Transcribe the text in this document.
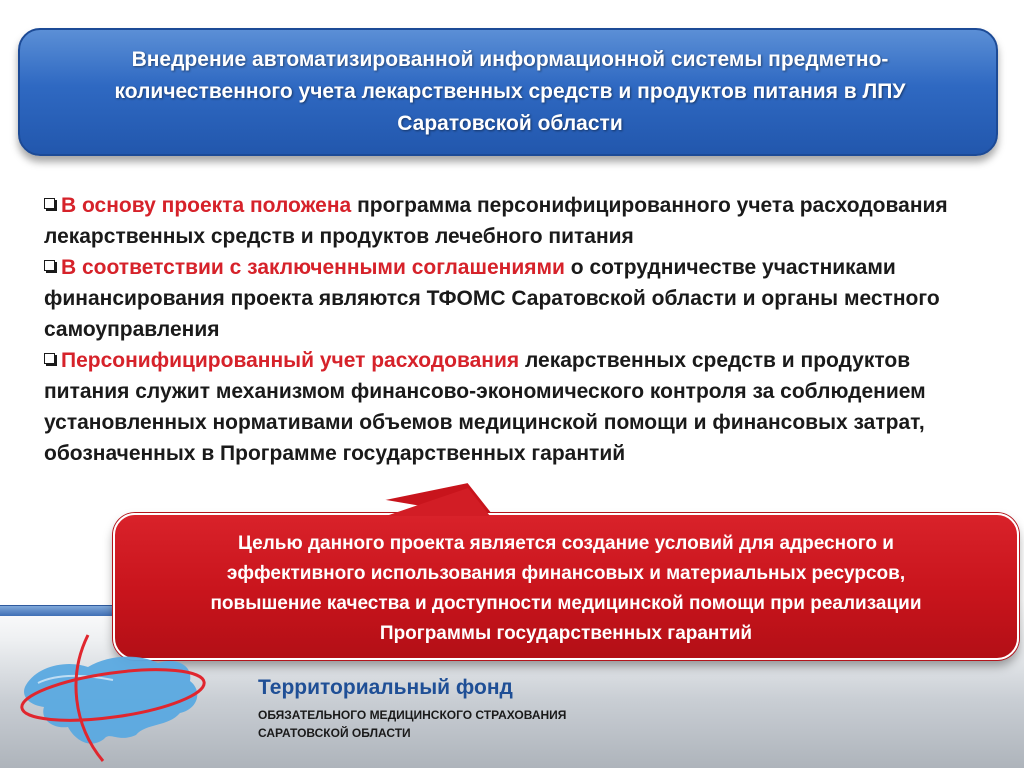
Внедрение автоматизированной информационной системы предметно-
количественного учета лекарственных средств и продуктов питания в ЛПУ
Саратовской области
В основу проекта положена программа персонифицированного учета расходования лекарственных средств и продуктов лечебного питания
В соответствии с заключенными соглашениями о сотрудничестве участниками финансирования проекта являются ТФОМС Саратовской области и органы местного самоуправления
Персонифицированный учет расходования лекарственных средств и продуктов питания служит механизмом финансово-экономического контроля за соблюдением установленных нормативами объемов медицинской помощи и финансовых затрат, обозначенных в Программе государственных гарантий
Целью данного проекта является создание условий для адресного и
эффективного использования финансовых и материальных ресурсов,
повышение качества и доступности медицинской помощи при реализации
Программы государственных гарантий
Территориальный фонд
ОБЯЗАТЕЛЬНОГО МЕДИЦИНСКОГО СТРАХОВАНИЯ
САРАТОВСКОЙ ОБЛАСТИ
